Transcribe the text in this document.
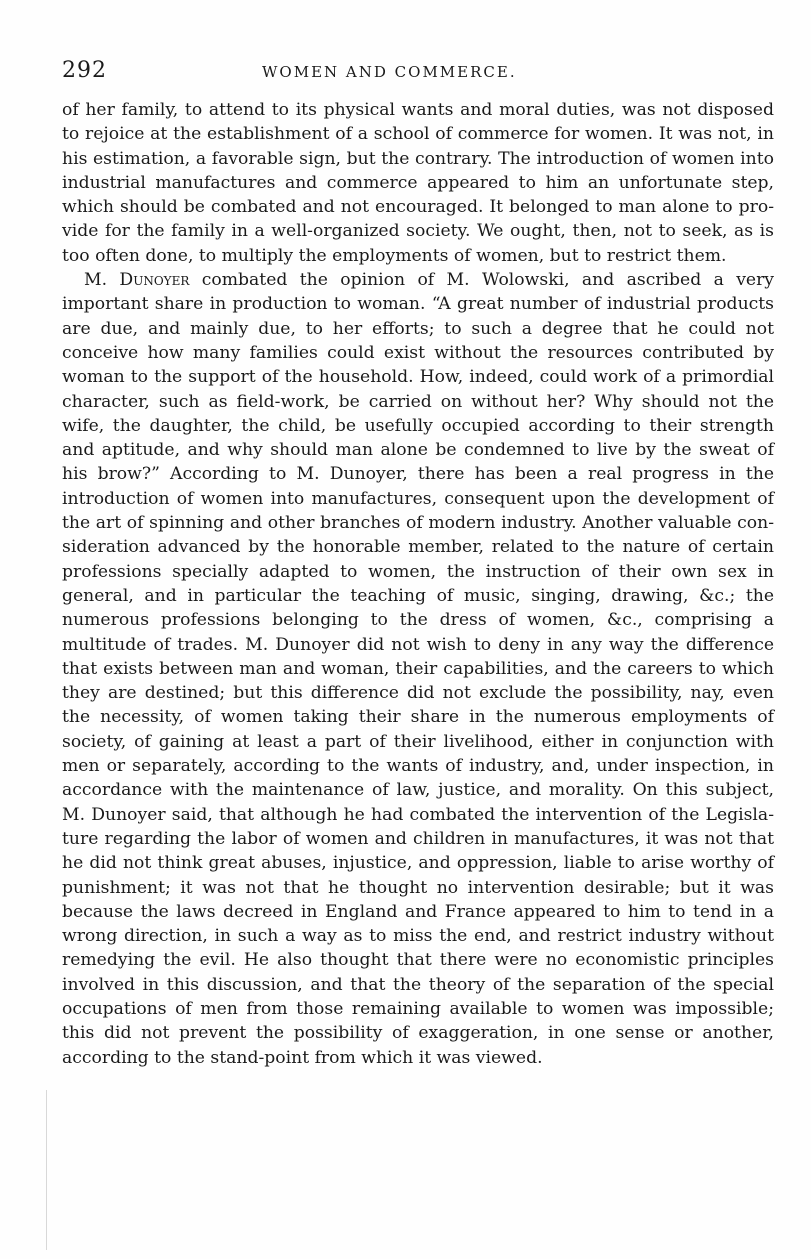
292	WOMEN AND COMMERCE.

of her family, to attend to its physical wants and moral duties, was not disposed to rejoice at the establishment of a school of commerce for women. It was not, in his estimation, a favorable sign, but the contrary. The introduction of women into industrial manufactures and commerce appeared to him an unfortunate step, which should be combated and not encouraged. It belonged to man alone to provide for the family in a well-organized society. We ought, then, not to seek, as is too often done, to multiply the employments of women, but to restrict them.

M. Dunoyer combated the opinion of M. Wolowski, and ascribed a very important share in production to woman. “A great number of industrial products are due, and mainly due, to her efforts; to such a degree that he could not conceive how many families could exist without the resources contributed by woman to the support of the household. How, indeed, could work of a primordial character, such as field-work, be carried on without her? Why should not the wife, the daughter, the child, be usefully occupied according to their strength and aptitude, and why should man alone be condemned to live by the sweat of his brow?” According to M. Dunoyer, there has been a real progress in the introduction of women into manufactures, consequent upon the development of the art of spinning and other branches of modern industry. Another valuable consideration advanced by the honorable member, related to the nature of certain professions specially adapted to women, the instruction of their own sex in general, and in particular the teaching of music, singing, drawing, &c.; the numerous professions belonging to the dress of women, &c., comprising a multitude of trades. M. Dunoyer did not wish to deny in any way the difference that exists between man and woman, their capabilities, and the careers to which they are destined; but this difference did not exclude the possibility, nay, even the necessity, of women taking their share in the numerous employments of society, of gaining at least a part of their livelihood, either in conjunction with men or separately, according to the wants of industry, and, under inspection, in accordance with the maintenance of law, justice, and morality. On this subject, M. Dunoyer said, that although he had combated the intervention of the Legislature regarding the labor of women and children in manufactures, it was not that he did not think great abuses, injustice, and oppression, liable to arise worthy of punishment; it was not that he thought no intervention desirable; but it was because the laws decreed in England and France appeared to him to tend in a wrong direction, in such a way as to miss the end, and restrict industry without remedying the evil. He also thought that there were no economistic principles involved in this discussion, and that the theory of the separation of the special occupations of men from those remaining available to women was impossible; this did not prevent the possibility of exaggeration, in one sense or another, according to the stand-point from which it was viewed.
